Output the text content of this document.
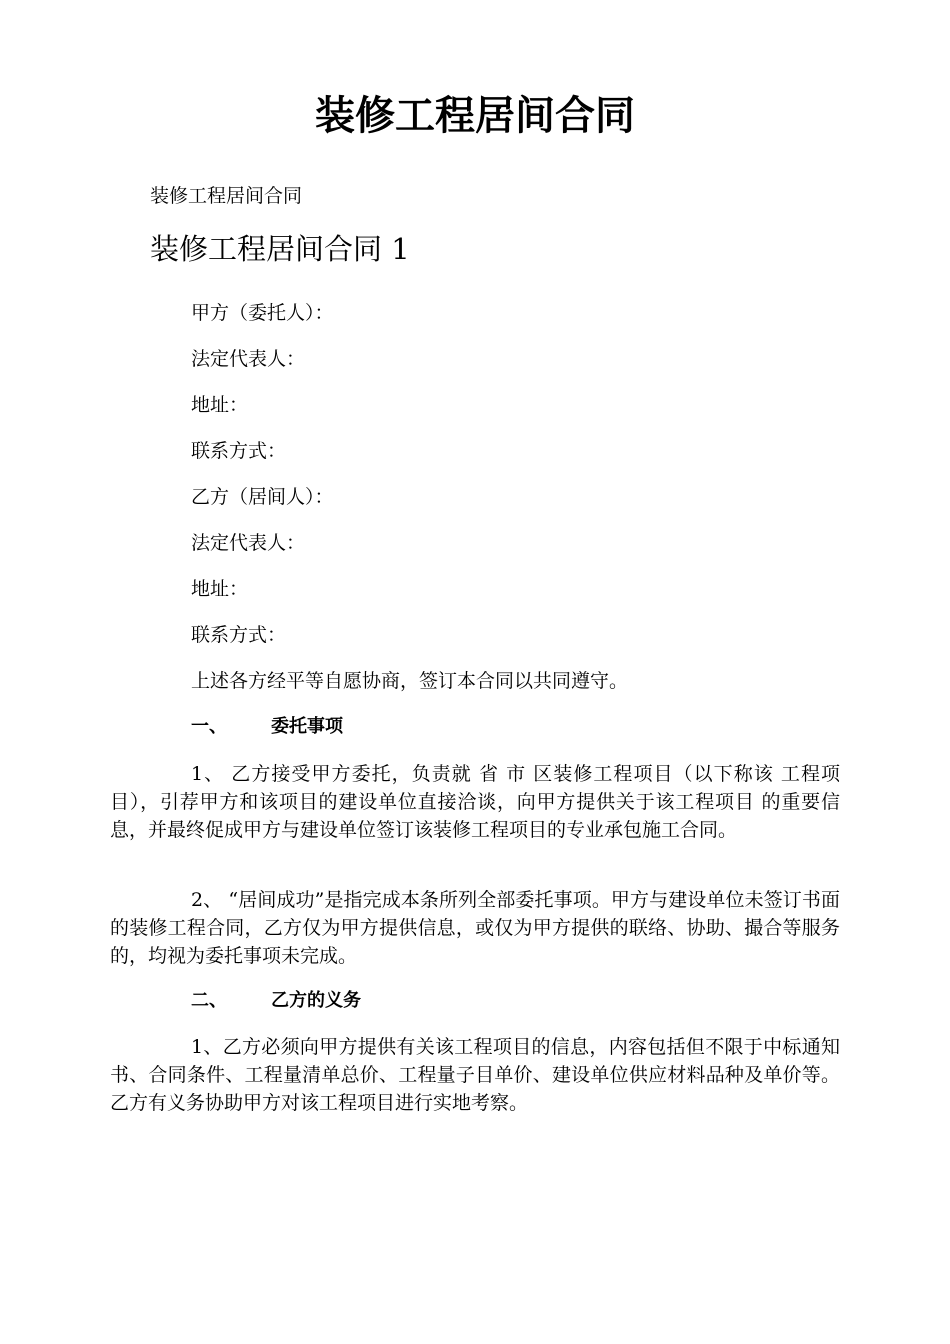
装修工程居间合同
装修工程居间合同
装修工程居间合同 1
甲方（委托人）：
法定代表人：
地址：
联系方式：
乙方（居间人）：
法定代表人：
地址：
联系方式：
上述各方经平等自愿协商，签订本合同以共同遵守。
一、 委托事项

1、 乙方接受甲方委托，负责就 省 市 区装修工程项目（以下称该 工程项目），引荐甲方和该项目的建设单位直接洽谈，向甲方提供关于该工程项目 的重要信息，并最终促成甲方与建设单位签订该装修工程项目的专业承包施工合同。

2、 “居间成功”是指完成本条所列全部委托事项。甲方与建设单位未签订书面的装修工程合同，乙方仅为甲方提供信息，或仅为甲方提供的联络、协助、撮合等服务的，均视为委托事项未完成。

二、 乙方的义务

1、乙方必须向甲方提供有关该工程项目的信息，内容包括但不限于中标通知书、合同条件、工程量清单总价、工程量子目单价、建设单位供应材料品种及单价等。乙方有义务协助甲方对该工程项目进行实地考察。
